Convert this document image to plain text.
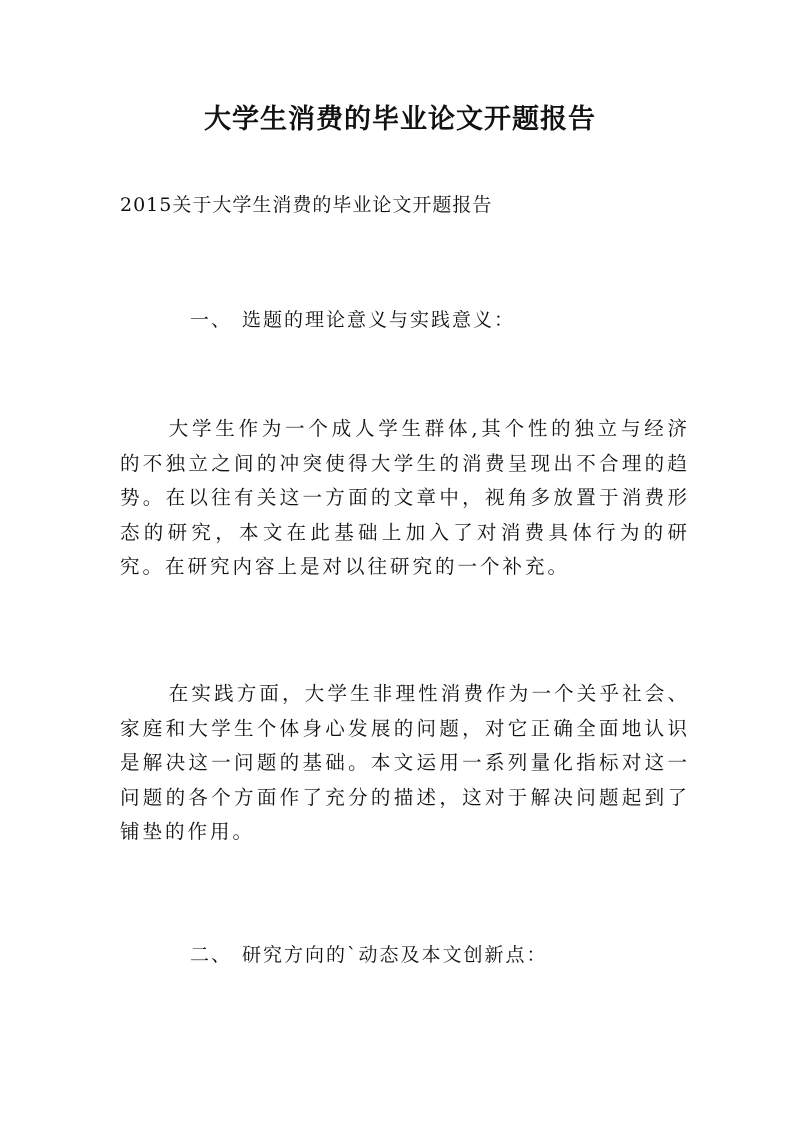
大学生消费的毕业论文开题报告

2015关于大学生消费的毕业论文开题报告

一、 选题的理论意义与实践意义：

大学生作为一个成人学生群体,其个性的独立与经济的不独立之间的冲突使得大学生的消费呈现出不合理的趋势。在以往有关这一方面的文章中，视角多放置于消费形态的研究，本文在此基础上加入了对消费具体行为的研究。在研究内容上是对以往研究的一个补充。

在实践方面，大学生非理性消费作为一个关乎社会、家庭和大学生个体身心发展的问题，对它正确全面地认识是解决这一问题的基础。本文运用一系列量化指标对这一问题的各个方面作了充分的描述，这对于解决问题起到了铺垫的作用。

二、 研究方向的`动态及本文创新点：
